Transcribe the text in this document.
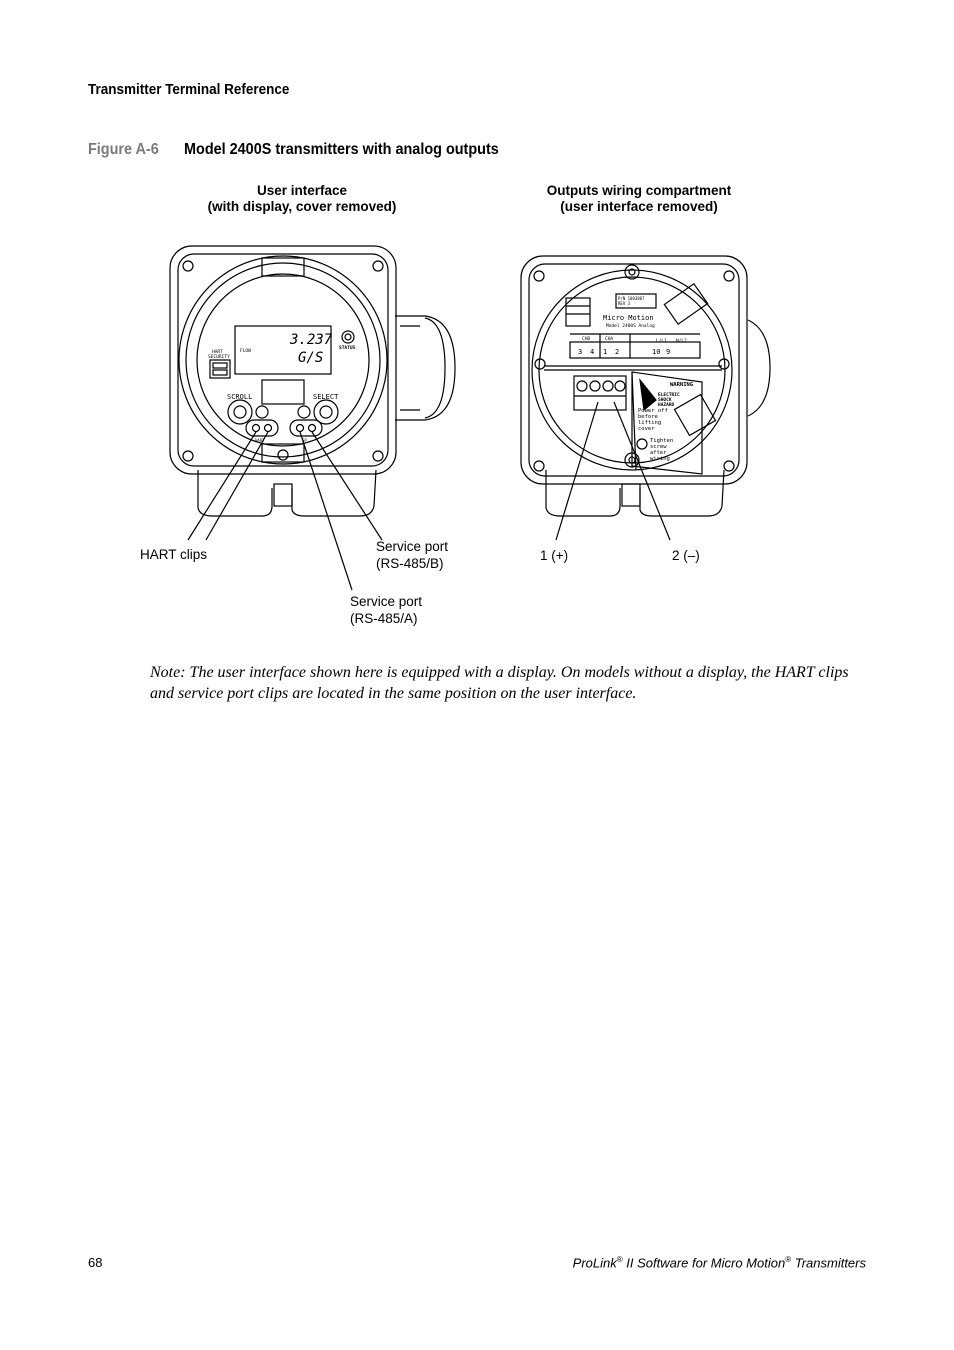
Transmitter Terminal Reference
Figure A-6 Model 2400S transmitters with analog outputs
User interface
(with display, cover removed)
Outputs wiring compartment
(user interface removed)
3.237
G/S
FLOW
STATUS
HART
SECURITY
SCROLL	SELECT
HART	SP
P/N 1003807
REV 3
Micro Motion
Model 2400S Analog
CHB	CHA	L/L1 N/L2
3 4 1 2	10 9
WARNING
ELECTRIC
SHOCK
HAZARD
Power off
before
lifting
cover
Tighten
screw
after
wiring
HART clips
Service port
(RS-485/B)
Service port
(RS-485/A)
1 (+)	2 (–)
Note: The user interface shown here is equipped with a display. On models without a display, the HART clips and service port clips are located in the same position on the user interface.
68	ProLink® II Software for Micro Motion® Transmitters
